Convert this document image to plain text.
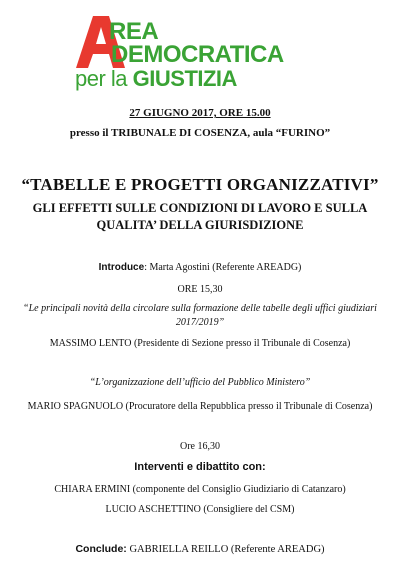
REA
DEMOCRATICA
per la GIUSTIZIA
27 GIUGNO 2017, ORE 15.00
presso il TRIBUNALE DI COSENZA, aula “FURINO”
“TABELLE E PROGETTI ORGANIZZATIVI”
GLI EFFETTI SULLE CONDIZIONI DI LAVORO E SULLA
QUALITA’ DELLA GIURISDIZIONE
Introduce: Marta Agostini (Referente AREADG)
ORE 15,30
“Le principali novità della circolare sulla formazione delle tabelle degli uffici giudiziari
2017/2019”
MASSIMO LENTO (Presidente di Sezione presso il Tribunale di Cosenza)
“L’organizzazione dell’ufficio del Pubblico Ministero”
MARIO SPAGNUOLO (Procuratore della Repubblica presso il Tribunale di Cosenza)
Ore 16,30
Interventi e dibattito con:
CHIARA ERMINI (componente del Consiglio Giudiziario di Catanzaro)
LUCIO ASCHETTINO (Consigliere del CSM)
Conclude: GABRIELLA REILLO (Referente AREADG)
